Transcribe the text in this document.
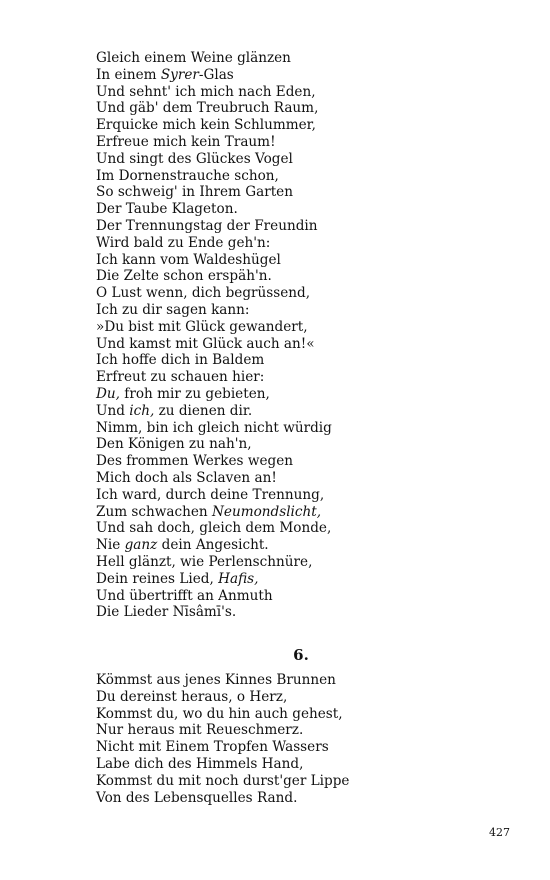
Gleich einem Weine glänzen
In einem Syrer-Glas
Und sehnt' ich mich nach Eden,
Und gäb' dem Treubruch Raum,
Erquicke mich kein Schlummer,
Erfreue mich kein Traum!
Und singt des Glückes Vogel
Im Dornenstrauche schon,
So schweig' in Ihrem Garten
Der Taube Klageton.
Der Trennungstag der Freundin
Wird bald zu Ende geh'n:
Ich kann vom Waldeshügel
Die Zelte schon erspäh'n.
O Lust wenn, dich begrüssend,
Ich zu dir sagen kann:
»Du bist mit Glück gewandert,
Und kamst mit Glück auch an!«
Ich hoffe dich in Baldem
Erfreut zu schauen hier:
Du, froh mir zu gebieten,
Und ich, zu dienen dir.
Nimm, bin ich gleich nicht würdig
Den Königen zu nah'n,
Des frommen Werkes wegen
Mich doch als Sclaven an!
Ich ward, durch deine Trennung,
Zum schwachen Neumondslicht,
Und sah doch, gleich dem Monde,
Nie ganz dein Angesicht.
Hell glänzt, wie Perlenschnüre,
Dein reines Lied, Hafis,
Und übertrifft an Anmuth
Die Lieder Nīsâmī's.
6.
Kömmst aus jenes Kinnes Brunnen
Du dereinst heraus, o Herz,
Kommst du, wo du hin auch gehest,
Nur heraus mit Reueschmerz.
Nicht mit Einem Tropfen Wassers
Labe dich des Himmels Hand,
Kommst du mit noch durst'ger Lippe
Von des Lebensquelles Rand.
427
